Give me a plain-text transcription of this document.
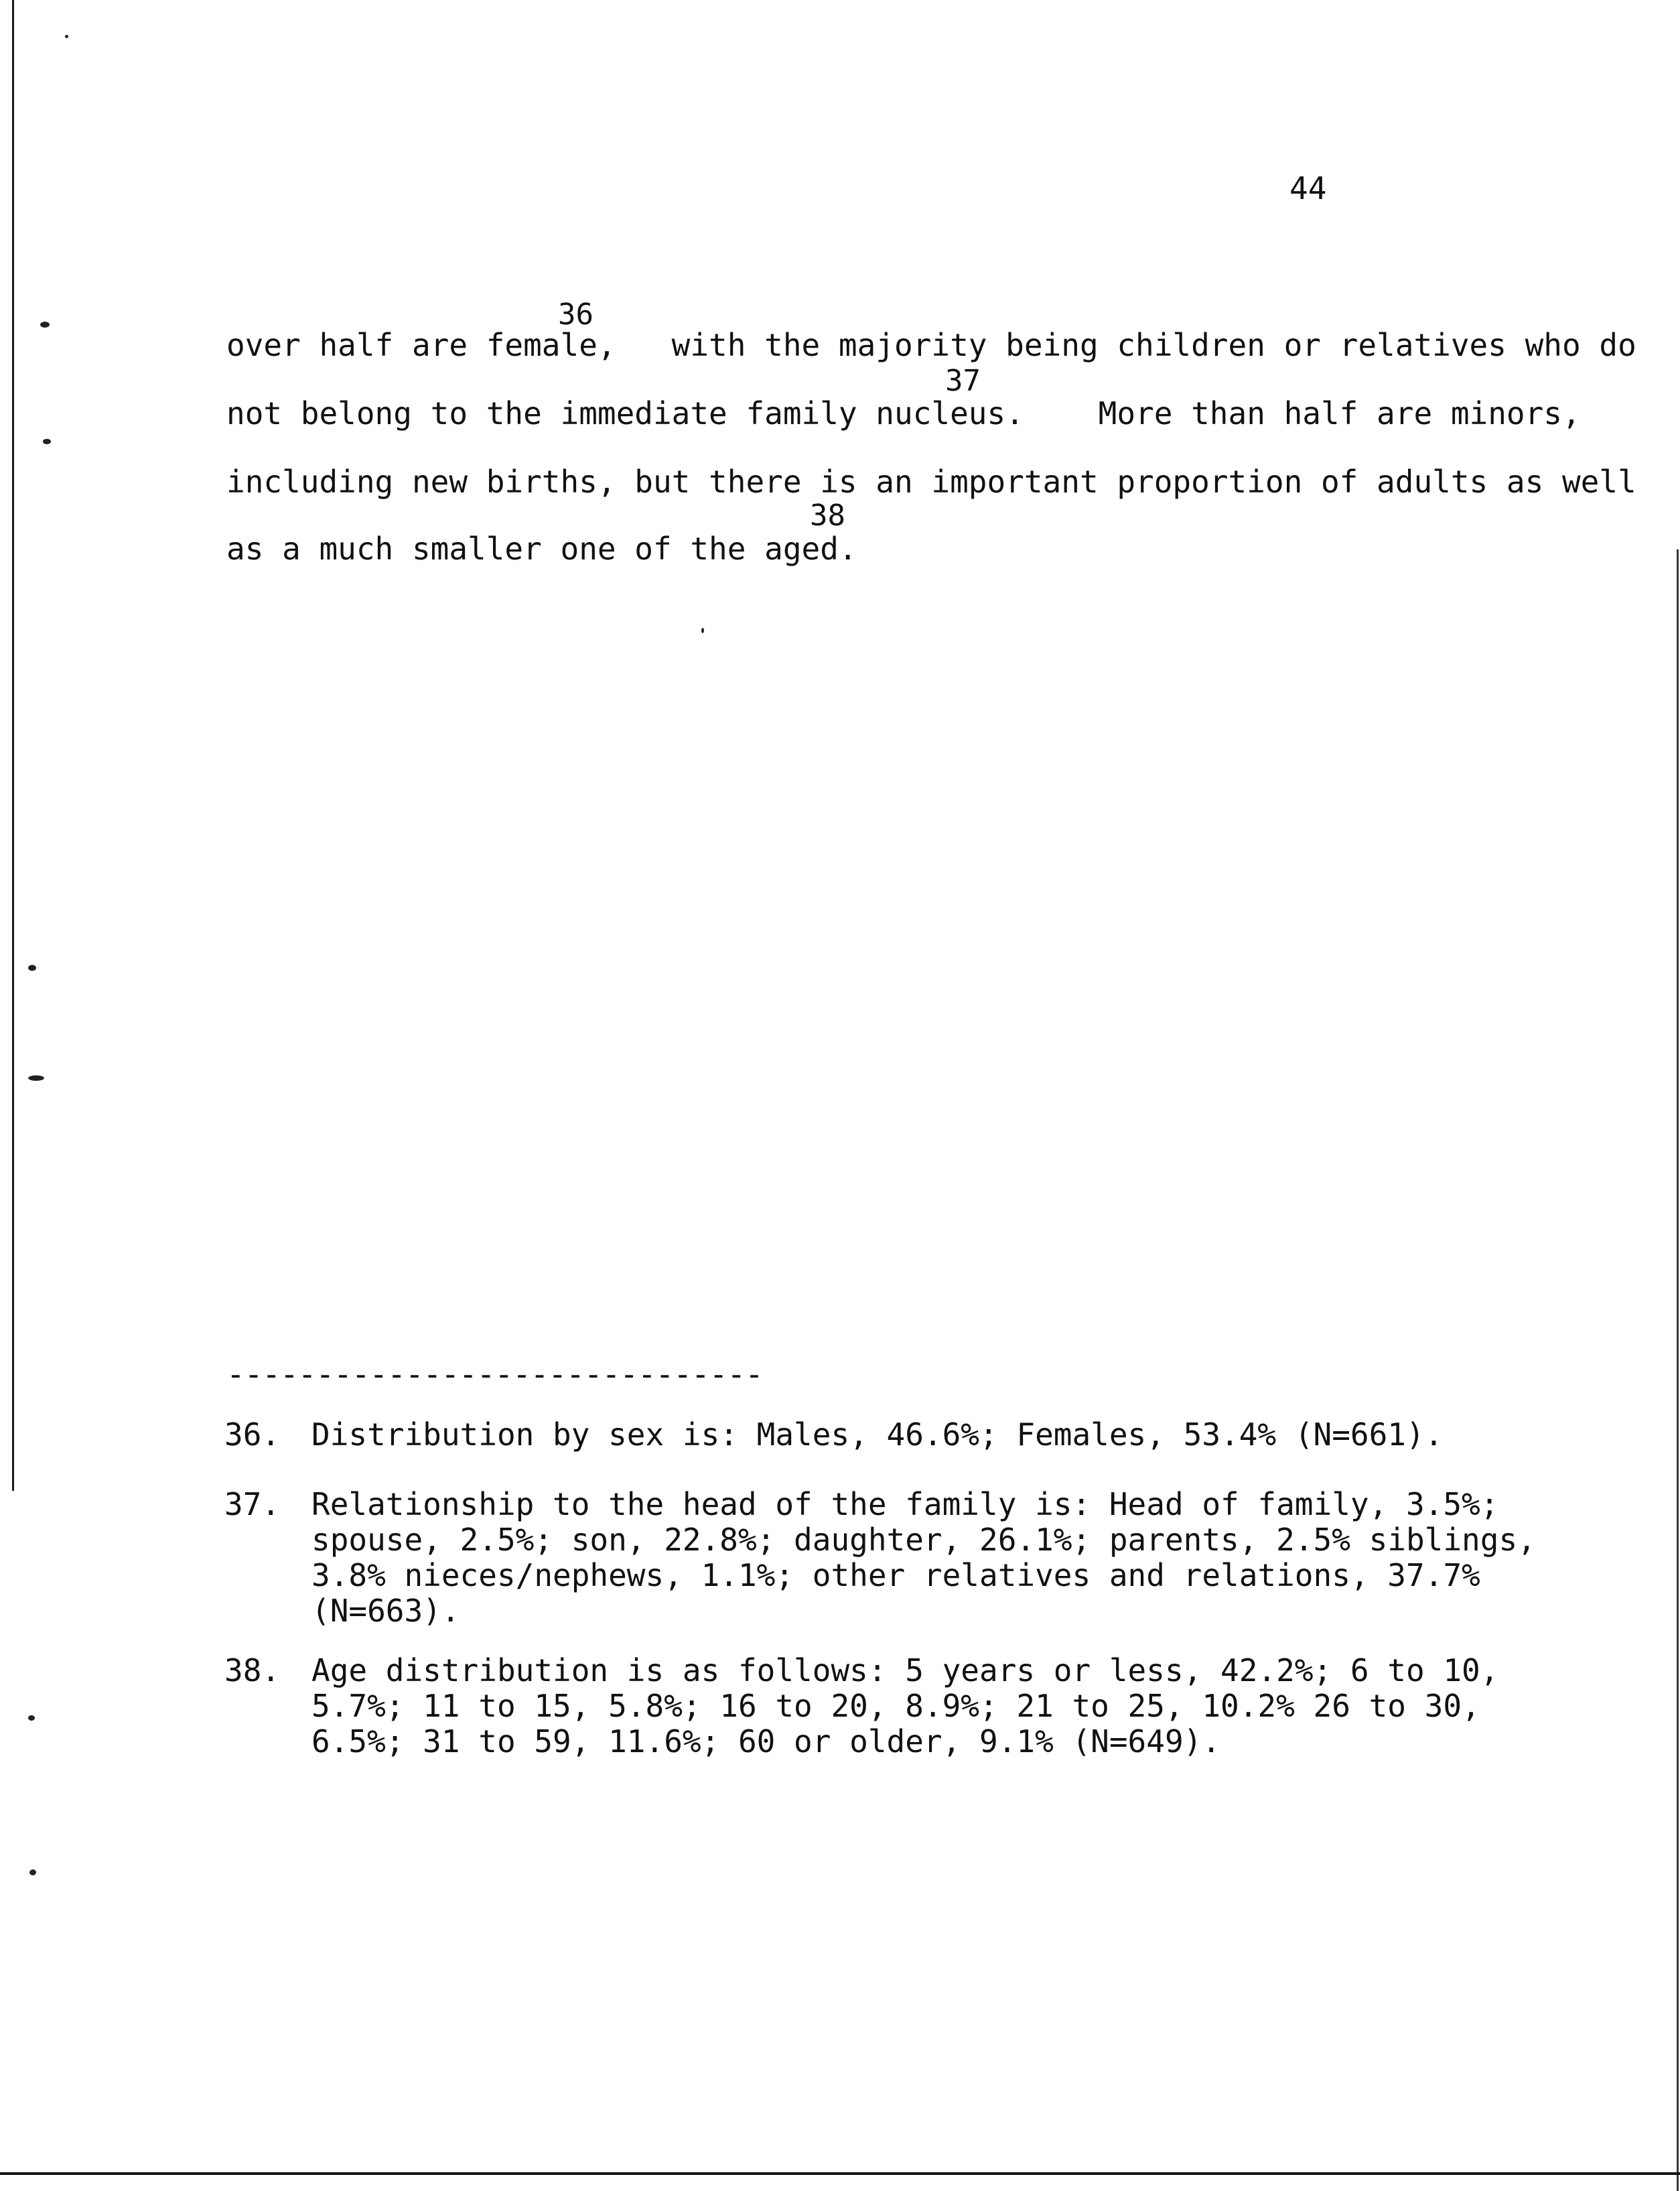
44
36
over half are female,   with the majority being children or relatives who do
37
not belong to the immediate family nucleus.    More than half are minors,
including new births, but there is an important proportion of adults as well
38
as a much smaller one of the aged.
------------------------------
36. Distribution by sex is: Males, 46.6%; Females, 53.4% (N=661).
37. Relationship to the head of the family is: Head of family, 3.5%; spouse, 2.5%; son, 22.8%; daughter, 26.1%; parents, 2.5% siblings, 3.8% nieces/nephews, 1.1%; other relatives and relations, 37.7% (N=663).
38. Age distribution is as follows: 5 years or less, 42.2%; 6 to 10, 5.7%; 11 to 15, 5.8%; 16 to 20, 8.9%; 21 to 25, 10.2% 26 to 30, 6.5%; 31 to 59, 11.6%; 60 or older, 9.1% (N=649).
